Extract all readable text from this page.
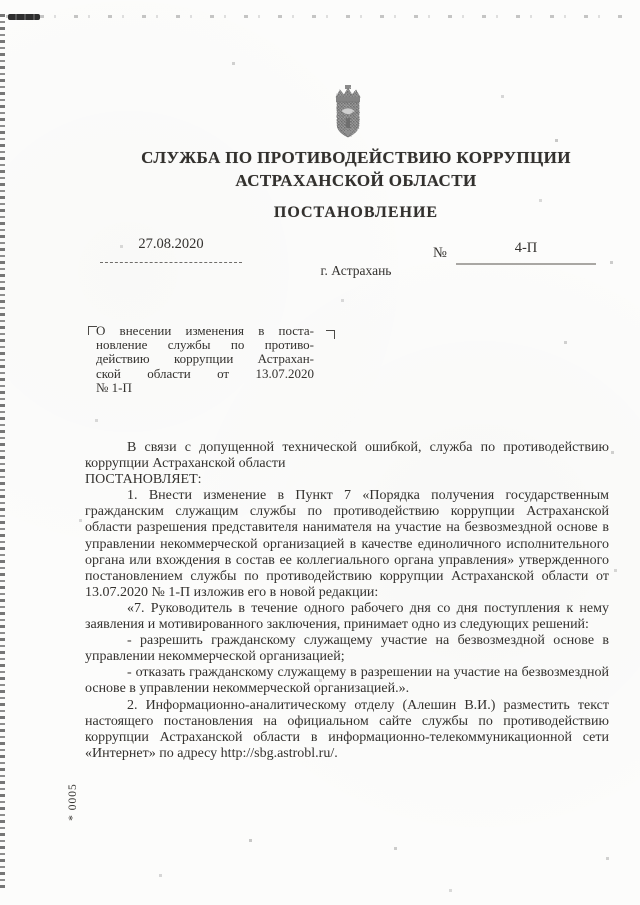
СЛУЖБА ПО ПРОТИВОДЕЙСТВИЮ КОРРУПЦИИ
АСТРАХАНСКОЙ ОБЛАСТИ
ПОСТАНОВЛЕНИЕ
27.08.2020
№	4-П
г. Астрахань
О внесении изменения в поста-
новление службы по противо-
действию коррупции Астрахан-
ской области от 13.07.2020
№ 1-П

В связи с допущенной технической ошибкой, служба по противодействию коррупции Астраханской области

ПОСТАНОВЛЯЕТ:

1. Внести изменение в Пункт 7 «Порядка получения государственным гражданским служащим службы по противодействию коррупции Астраханской области разрешения представителя нанимателя на участие на безвозмездной основе в управлении некоммерческой организацией в качестве единоличного исполнительного органа или вхождения в состав ее коллегиального органа управления» утвержденного постановлением службы по противодействию коррупции Астраханской области от 13.07.2020 № 1-П изложив его в новой редакции:

«7. Руководитель в течение одного рабочего дня со дня поступления к нему заявления и мотивированного заключения, принимает одно из следующих решений:

- разрешить гражданскому служащему участие на безвозмездной основе в управлении некоммерческой организацией;

- отказать гражданскому служащему в разрешении на участие на безвозмездной основе в управлении некоммерческой организацией.».

2. Информационно-аналитическому отделу (Алешин В.И.) разместить текст настоящего постановления на официальном сайте службы по противодействию коррупции Астраханской области в информационно-телекоммуникационной сети «Интернет» по адресу http://sbg.astrobl.ru/.

* 0005
